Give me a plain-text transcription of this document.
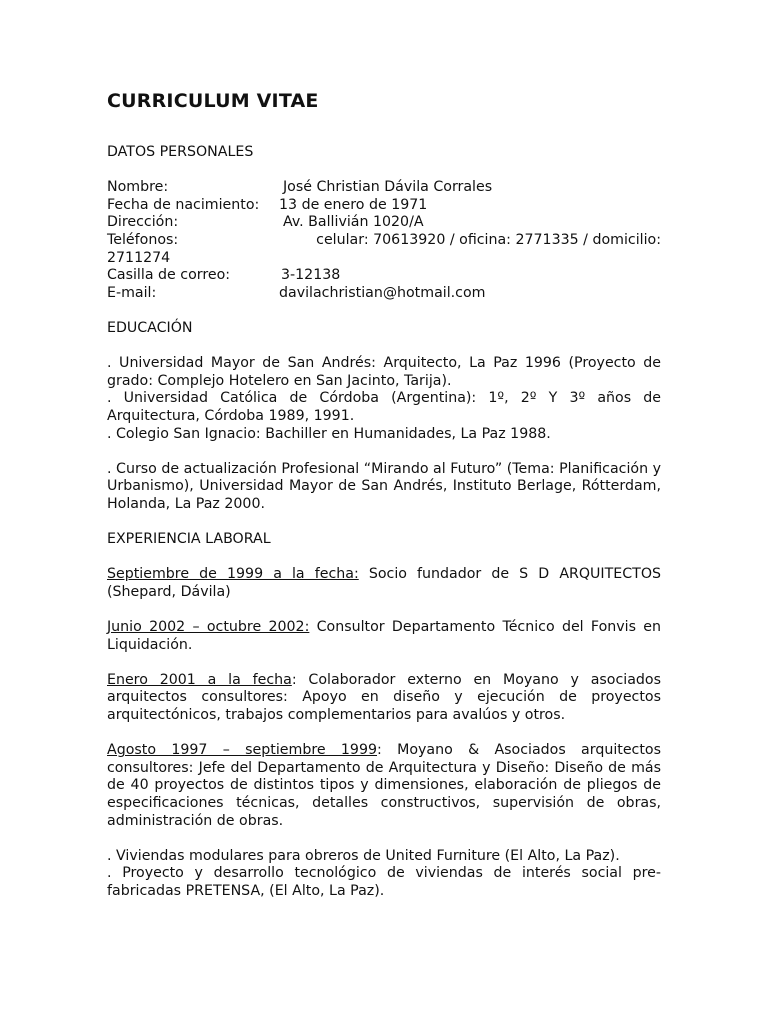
CURRICULUM VITAE

DATOS PERSONALES

Nombre:	José Christian Dávila Corrales
Fecha de nacimiento:	13 de enero de 1971
Dirección:	Av. Ballivián 1020/A
Teléfonos:	celular: 70613920 / oficina: 2771335 / domicilio:
2711274
Casilla de correo:	3-12138
E-mail:	davilachristian@hotmail.com

EDUCACIÓN

. Universidad Mayor de San Andrés: Arquitecto, La Paz 1996 (Proyecto de grado: Complejo Hotelero en San Jacinto, Tarija).

. Universidad Católica de Córdoba (Argentina): 1º, 2º Y 3º años de Arquitectura, Córdoba 1989, 1991.

. Colegio San Ignacio: Bachiller en Humanidades, La Paz 1988.

. Curso de actualización Profesional “Mirando al Futuro” (Tema: Planificación y Urbanismo), Universidad Mayor de San Andrés, Instituto Berlage, Rótterdam, Holanda, La Paz 2000.

EXPERIENCIA LABORAL

Septiembre de 1999 a la fecha: Socio fundador de S D ARQUITECTOS (Shepard, Dávila)

Junio 2002 – octubre 2002: Consultor Departamento Técnico del Fonvis en Liquidación.

Enero 2001 a la fecha: Colaborador externo en Moyano y asociados arquitectos consultores: Apoyo en diseño y ejecución de proyectos arquitectónicos, trabajos complementarios para avalúos y otros.

Agosto 1997 – septiembre 1999: Moyano & Asociados arquitectos consultores: Jefe del Departamento de Arquitectura y Diseño: Diseño de más de 40 proyectos de distintos tipos y dimensiones, elaboración de pliegos de especificaciones técnicas, detalles constructivos, supervisión de obras, administración de obras.

. Viviendas modulares para obreros de United Furniture (El Alto, La Paz).

. Proyecto y desarrollo tecnológico de viviendas de interés social pre-fabricadas PRETENSA, (El Alto, La Paz).
